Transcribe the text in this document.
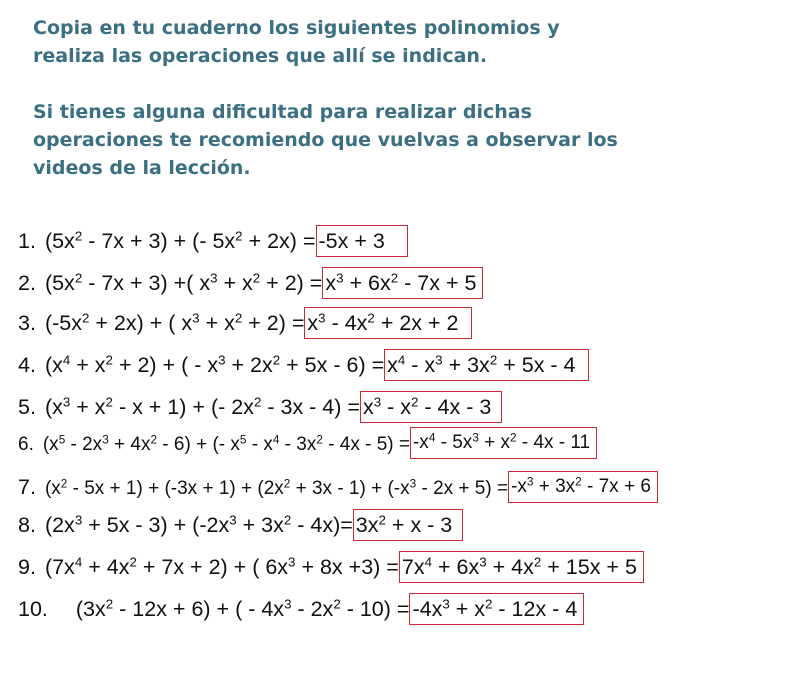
Copia en tu cuaderno los siguientes polinomios y

realiza las operaciones que allí se indican.

Si tienes alguna dificultad para realizar dichas

operaciones te recomiendo que vuelvas a observar los

videos de la lección.

1. $(5x^2 - 7x + 3)$ + (- $5x^2 + 2x) = -5x + 3$
2. $(5x^2 - 7x + 3)$ +( $x^3 + x^2 + 2) = x^3 + 6x^2 - 7x + 5$
3. $(-5x^2 + 2x)$ + ( $x^3 + x^2 + 2) = x^3 - 4x^2 + 2x + 2$
4. $(x^4 + x^2 + 2)$ + ( - $x^3 + 2x^2 + 5x - 6) = x^4 - x^3 + 3x^2 + 5x - 4$
5. $(x^3 + x^2 - x + 1)$ + (- $2x^2 - 3x - 4) = x^3 - x^2 - 4x - 3$
6. $(x^5 - 2x^3 + 4x^2 - 6)$ + (- $x^5 - x^4 - 3x^2 - 4x - 5) = -x^4 - 5x^3 + x^2 - 4x - 11$
7. $(x^2 - 5x + 1) + (-3x + 1) + (2x^2 + 3x - 1) + (-x^3 - 2x + 5) = -x^3 + 3x^2 - 7x + 6$
8. $(2x^3 + 5x - 3) + (-2x^3 + 3x^2 - 4x)= 3x^2 + x - 3$
9. $(7x^4 + 4x^2 + 7x + 2)$ + ( $6x^3 + 8x +3) = 7x^4 + 6x^3 + 4x^2 + 15x + 5$
10. $(3x^2 - 12x + 6)$ + ( - $4x^3 - 2x^2 - 10) = -4x^3 + x^2 - 12x - 4$
